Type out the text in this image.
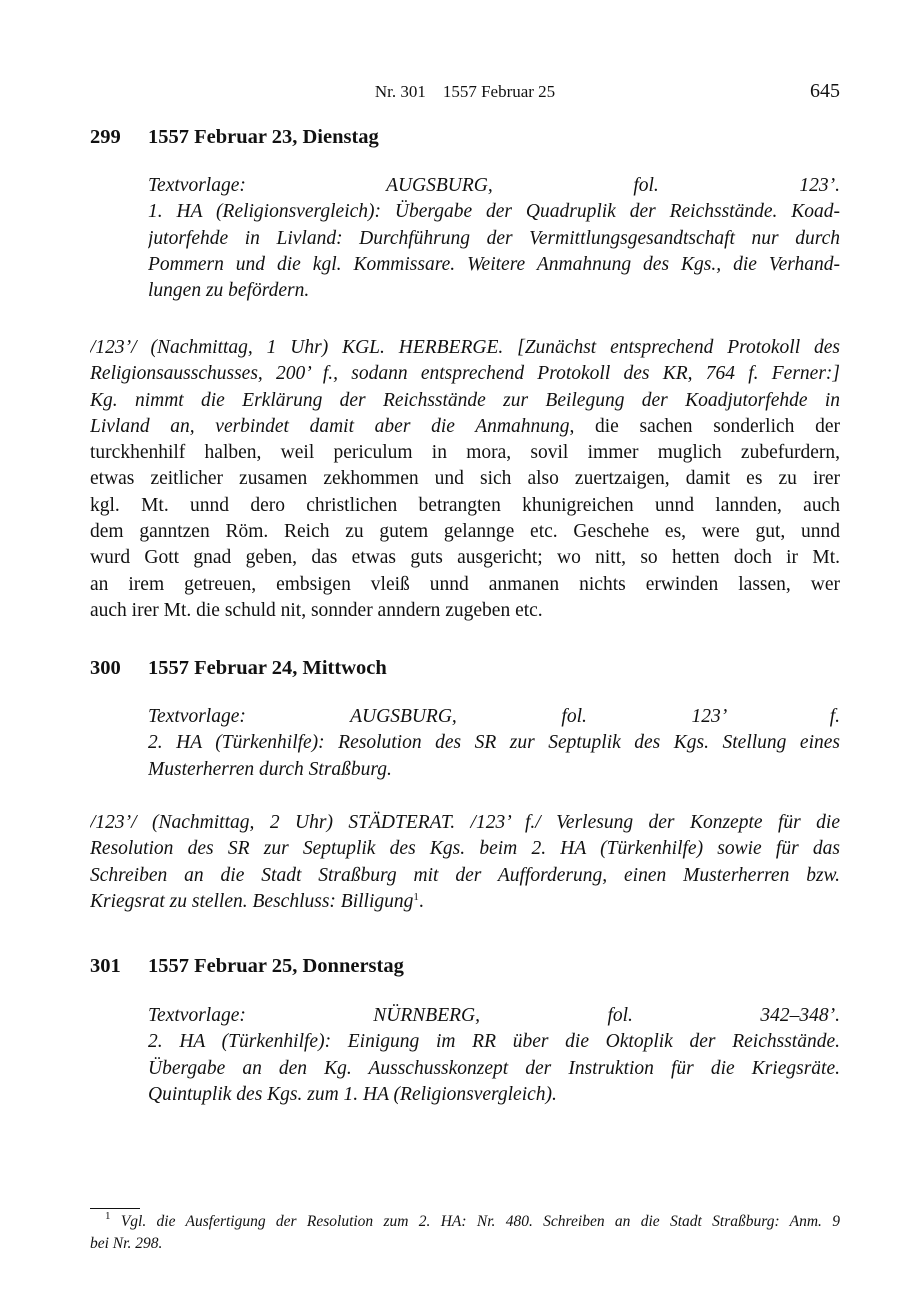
Nr. 301    1557 Februar 25	645
299 1557 Februar 23, Dienstag
Textvorlage: AUGSBURG, fol. 123’.
1. HA (Religionsvergleich): Übergabe der Quadruplik der Reichsstände. Koad-
jutorfehde in Livland: Durchführung der Vermittlungsgesandtschaft nur durch
Pommern und die kgl. Kommissare. Weitere Anmahnung des Kgs., die Verhand-
lungen zu befördern.
/123’/ (Nachmittag, 1 Uhr) KGL. HERBERGE. [Zunächst entsprechend Protokoll des
Religionsausschusses, 200’ f., sodann entsprechend Protokoll des KR, 764 f. Ferner:]
Kg. nimmt die Erklärung der Reichsstände zur Beilegung der Koadjutorfehde in
Livland an, verbindet damit aber die Anmahnung, die sachen sonderlich der
turckhenhilf halben, weil periculum in mora, sovil immer muglich zubefurdern,
etwas zeitlicher zusamen zekhommen und sich also zuertzaigen, damit es zu irer
kgl. Mt. unnd dero christlichen betrangten khunigreichen unnd lannden, auch
dem ganntzen Röm. Reich zu gutem gelannge etc. Geschehe es, were gut, unnd
wurd Gott gnad geben, das etwas guts ausgericht; wo nitt, so hetten doch ir Mt.
an irem getreuen, embsigen vleiß unnd anmanen nichts erwinden lassen, wer
auch irer Mt. die schuld nit, sonnder anndern zugeben etc.
300 1557 Februar 24, Mittwoch
Textvorlage: AUGSBURG, fol. 123’ f.
2. HA (Türkenhilfe): Resolution des SR zur Septuplik des Kgs. Stellung eines
Musterherren durch Straßburg.
/123’/ (Nachmittag, 2 Uhr) STÄDTERAT. /123’ f./ Verlesung der Konzepte für die
Resolution des SR zur Septuplik des Kgs. beim 2. HA (Türkenhilfe) sowie für das
Schreiben an die Stadt Straßburg mit der Aufforderung, einen Musterherren bzw.
Kriegsrat zu stellen. Beschluss: Billigung$^1$.
301 1557 Februar 25, Donnerstag
Textvorlage: NÜRNBERG, fol. 342–348’.
2. HA (Türkenhilfe): Einigung im RR über die Oktoplik der Reichsstände.
Übergabe an den Kg. Ausschusskonzept der Instruktion für die Kriegsräte.
Quintuplik des Kgs. zum 1. HA (Religionsvergleich).
$^1$ Vgl. die Ausfertigung der Resolution zum 2. HA: Nr. 480. Schreiben an die Stadt Straßburg: Anm. 9
bei Nr. 298.
